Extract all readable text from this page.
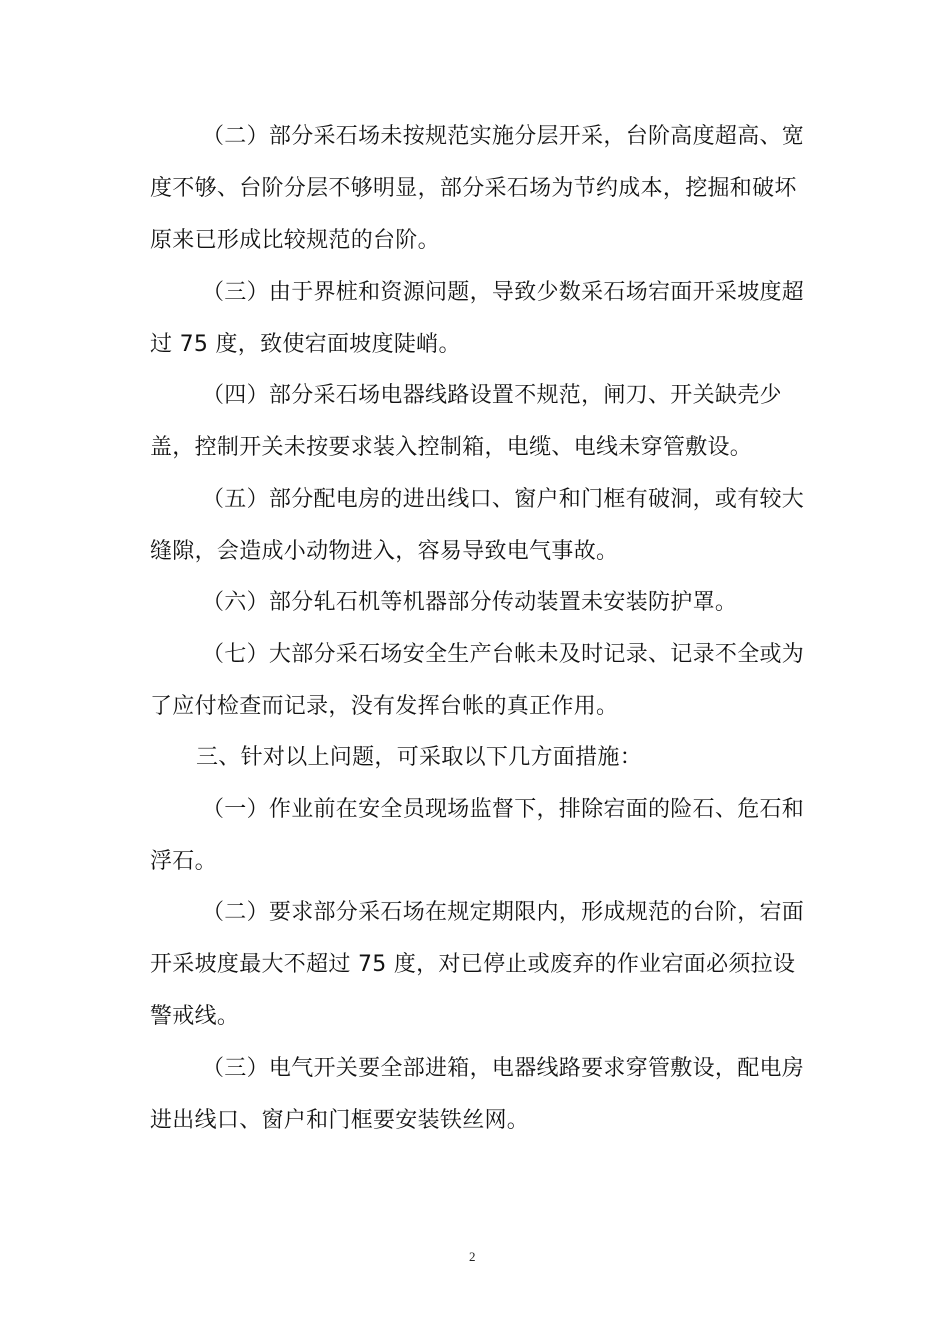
（二）部分采石场未按规范实施分层开采，台阶高度超高、宽
度不够、台阶分层不够明显，部分采石场为节约成本，挖掘和破坏
原来已形成比较规范的台阶。
（三）由于界桩和资源问题，导致少数采石场宕面开采坡度超
过 75 度，致使宕面坡度陡峭。
（四）部分采石场电器线路设置不规范，闸刀、开关缺壳少
盖，控制开关未按要求装入控制箱，电缆、电线未穿管敷设。
（五）部分配电房的进出线口、窗户和门框有破洞，或有较大
缝隙，会造成小动物进入，容易导致电气事故。
（六）部分轧石机等机器部分传动装置未安装防护罩。
（七）大部分采石场安全生产台帐未及时记录、记录不全或为
了应付检查而记录，没有发挥台帐的真正作用。
三、针对以上问题，可采取以下几方面措施：
（一）作业前在安全员现场监督下，排除宕面的险石、危石和
浮石。
（二）要求部分采石场在规定期限内，形成规范的台阶，宕面
开采坡度最大不超过 75 度，对已停止或废弃的作业宕面必须拉设
警戒线。
（三）电气开关要全部进箱，电器线路要求穿管敷设，配电房
进出线口、窗户和门框要安装铁丝网。
2
